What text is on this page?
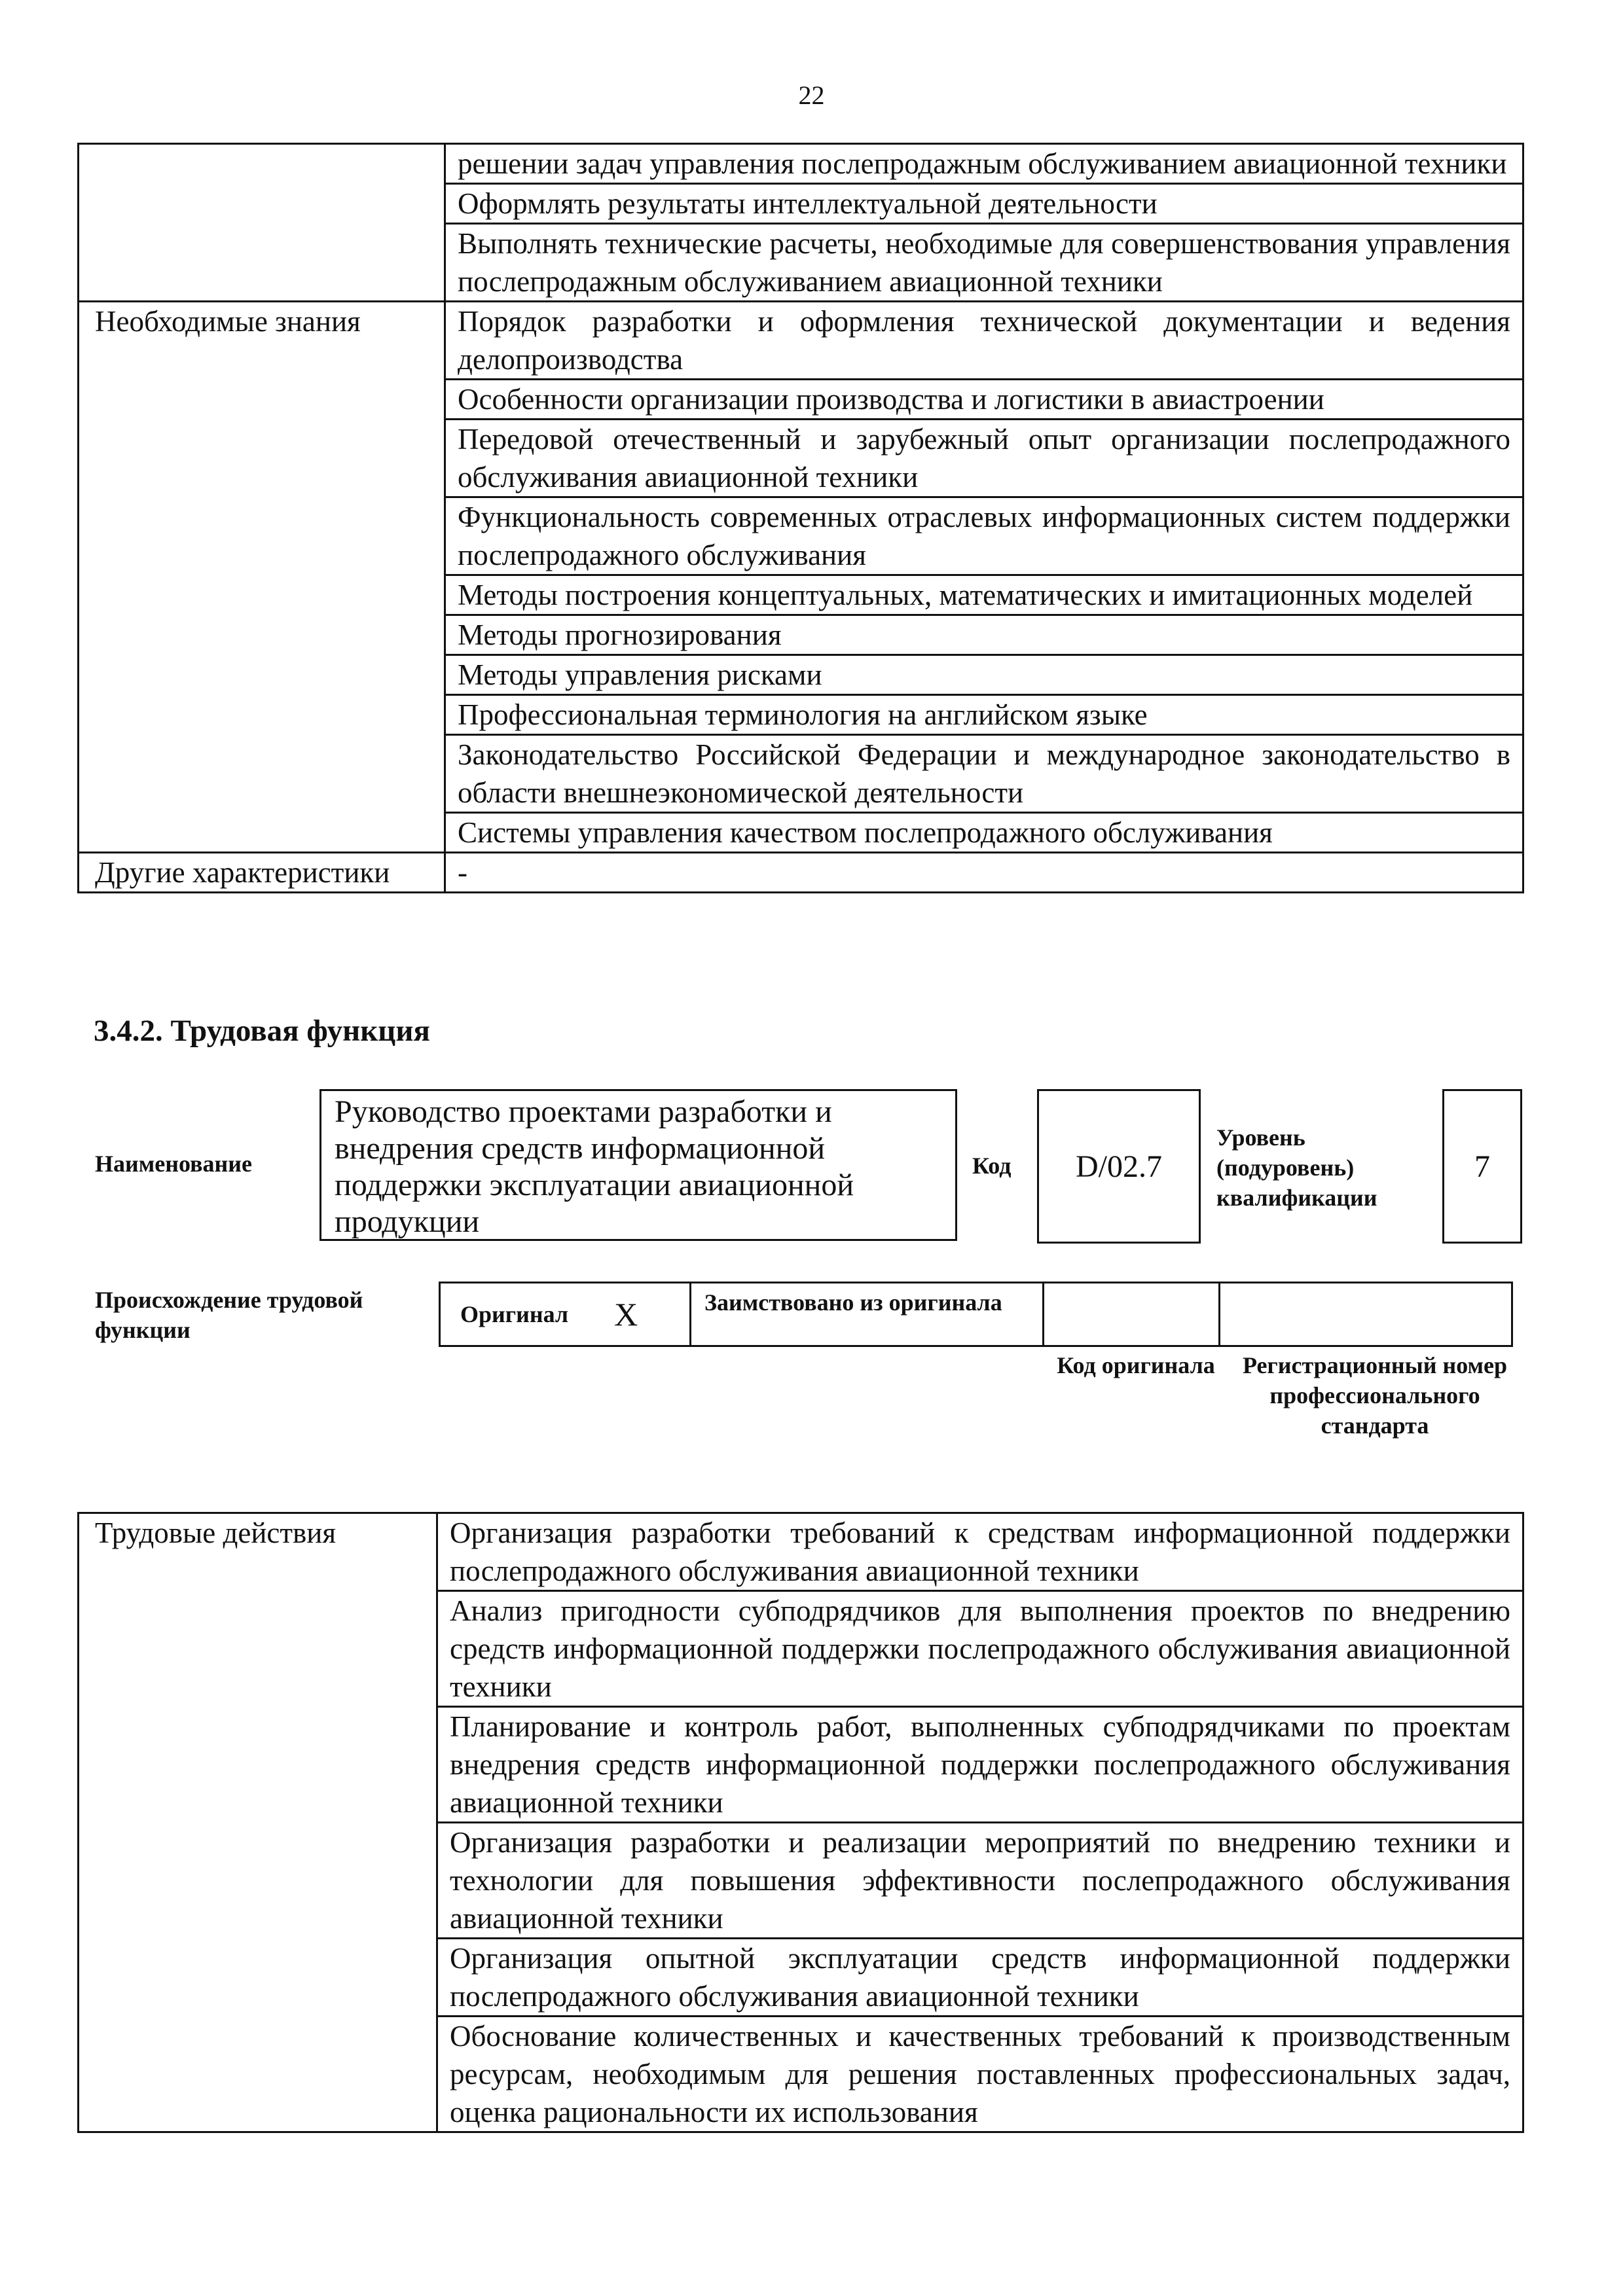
22
	решении задач управления послепродажным обслуживанием авиационной техники
	Оформлять результаты интеллектуальной деятельности
	Выполнять технические расчеты, необходимые для совершенствования управления послепродажным обслуживанием авиационной техники
Необходимые знания	Порядок разработки и оформления технической документации и ведения делопроизводства
	Особенности организации производства и логистики в авиастроении
	Передовой отечественный и зарубежный опыт организации послепродажного обслуживания авиационной техники
	Функциональность современных отраслевых информационных систем поддержки послепродажного обслуживания
	Методы построения концептуальных, математических и имитационных моделей
	Методы прогнозирования
	Методы управления рисками
	Профессиональная терминология на английском языке
	Законодательство Российской Федерации и международное законодательство в области внешнеэкономической деятельности
	Системы управления качеством послепродажного обслуживания
Другие характеристики	-
3.4.2. Трудовая функция
Наименование
Руководство проектами разработки и внедрения средств информационной поддержки эксплуатации авиационной продукции
Код	D/02.7
Уровень (подуровень) квалификации
7
Происхождение трудовой функции
Оригинал X	Заимствовано из оригинала
Код оригинала	Регистрационный номер профессионального стандарта
Трудовые действия	Организация разработки требований к средствам информационной поддержки послепродажного обслуживания авиационной техники
Анализ пригодности субподрядчиков для выполнения проектов по внедрению средств информационной поддержки послепродажного обслуживания авиационной техники
Планирование и контроль работ, выполненных субподрядчиками по проектам внедрения средств информационной поддержки послепродажного обслуживания авиационной техники
Организация разработки и реализации мероприятий по внедрению техники и технологии для повышения эффективности послепродажного обслуживания авиационной техники
Организация опытной эксплуатации средств информационной поддержки послепродажного обслуживания авиационной техники
Обоснование количественных и качественных требований к производственным ресурсам, необходимым для решения поставленных профессиональных задач, оценка рациональности их использования
